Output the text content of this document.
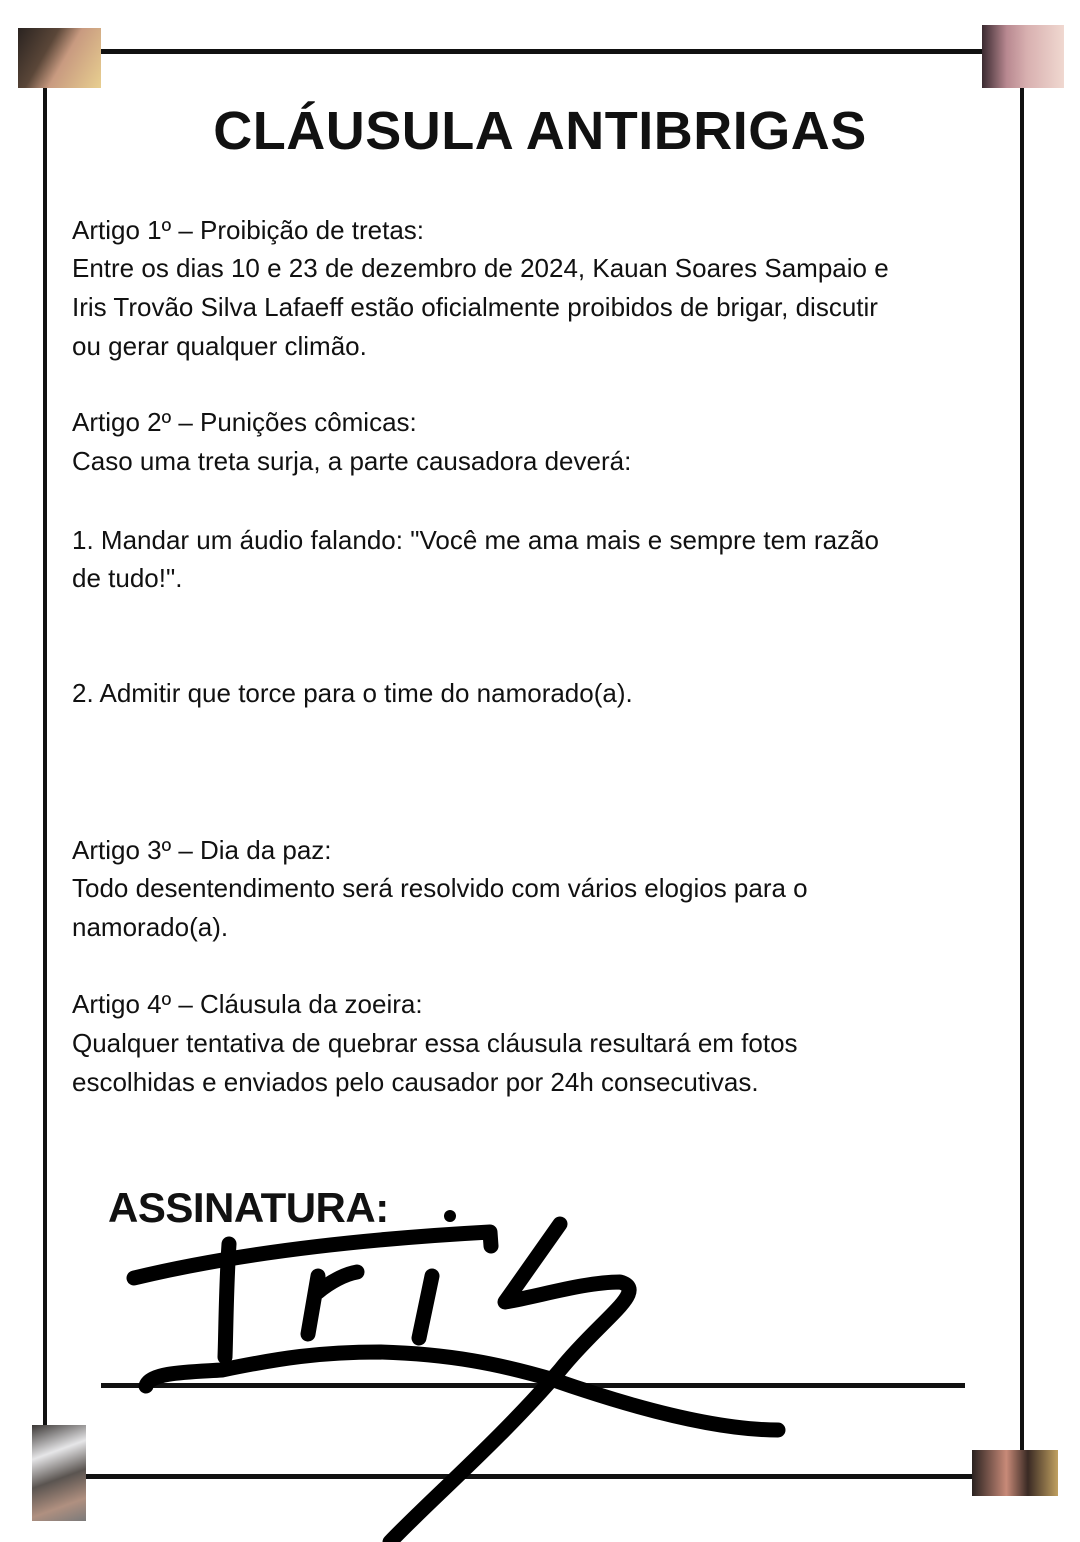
CLÁUSULA ANTIBRIGAS
Artigo 1º – Proibição de tretas:
Entre os dias 10 e 23 de dezembro de 2024, Kauan Soares Sampaio e
Iris Trovão Silva Lafaeff estão oficialmente proibidos de brigar, discutir
ou gerar qualquer climão.
Artigo 2º – Punições cômicas:
Caso uma treta surja, a parte causadora deverá:
1. Mandar um áudio falando: "Você me ama mais e sempre tem razão
de tudo!".
2. Admitir que torce para o time do namorado(a).
Artigo 3º – Dia da paz:
Todo desentendimento será resolvido com vários elogios para o
namorado(a).
Artigo 4º – Cláusula da zoeira:
Qualquer tentativa de quebrar essa cláusula resultará em fotos
escolhidas e enviados pelo causador por 24h consecutivas.
ASSINATURA:
